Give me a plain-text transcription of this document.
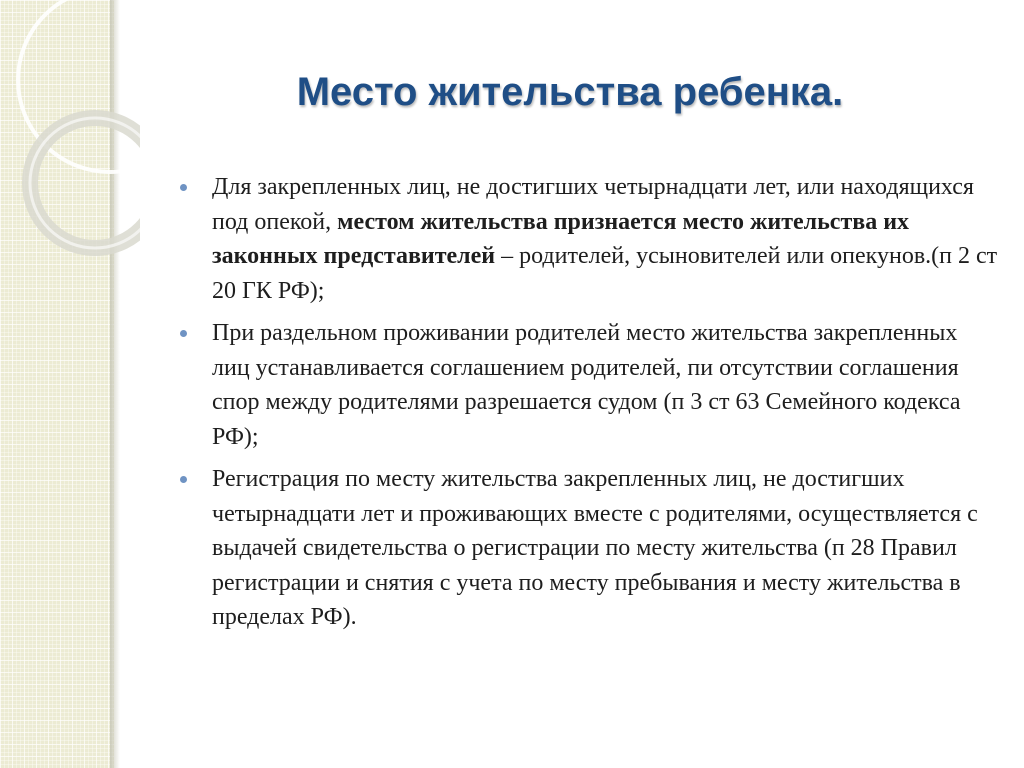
Место жительства ребенка.
Для закрепленных лиц, не достигших четырнадцати лет, или находящихся под опекой, местом жительства признается место жительства их законных представителей – родителей, усыновителей или опекунов.(п 2 ст 20 ГК РФ);
При раздельном проживании родителей место жительства закрепленных лиц устанавливается соглашением родителей, пи отсутствии соглашения спор между родителями разрешается судом (п 3 ст 63 Семейного кодекса РФ);
Регистрация по месту жительства закрепленных лиц, не достигших четырнадцати лет и проживающих вместе с родителями, осуществляется с выдачей свидетельства о регистрации по месту жительства (п 28 Правил регистрации и снятия с учета по месту пребывания и месту жительства в пределах РФ).
